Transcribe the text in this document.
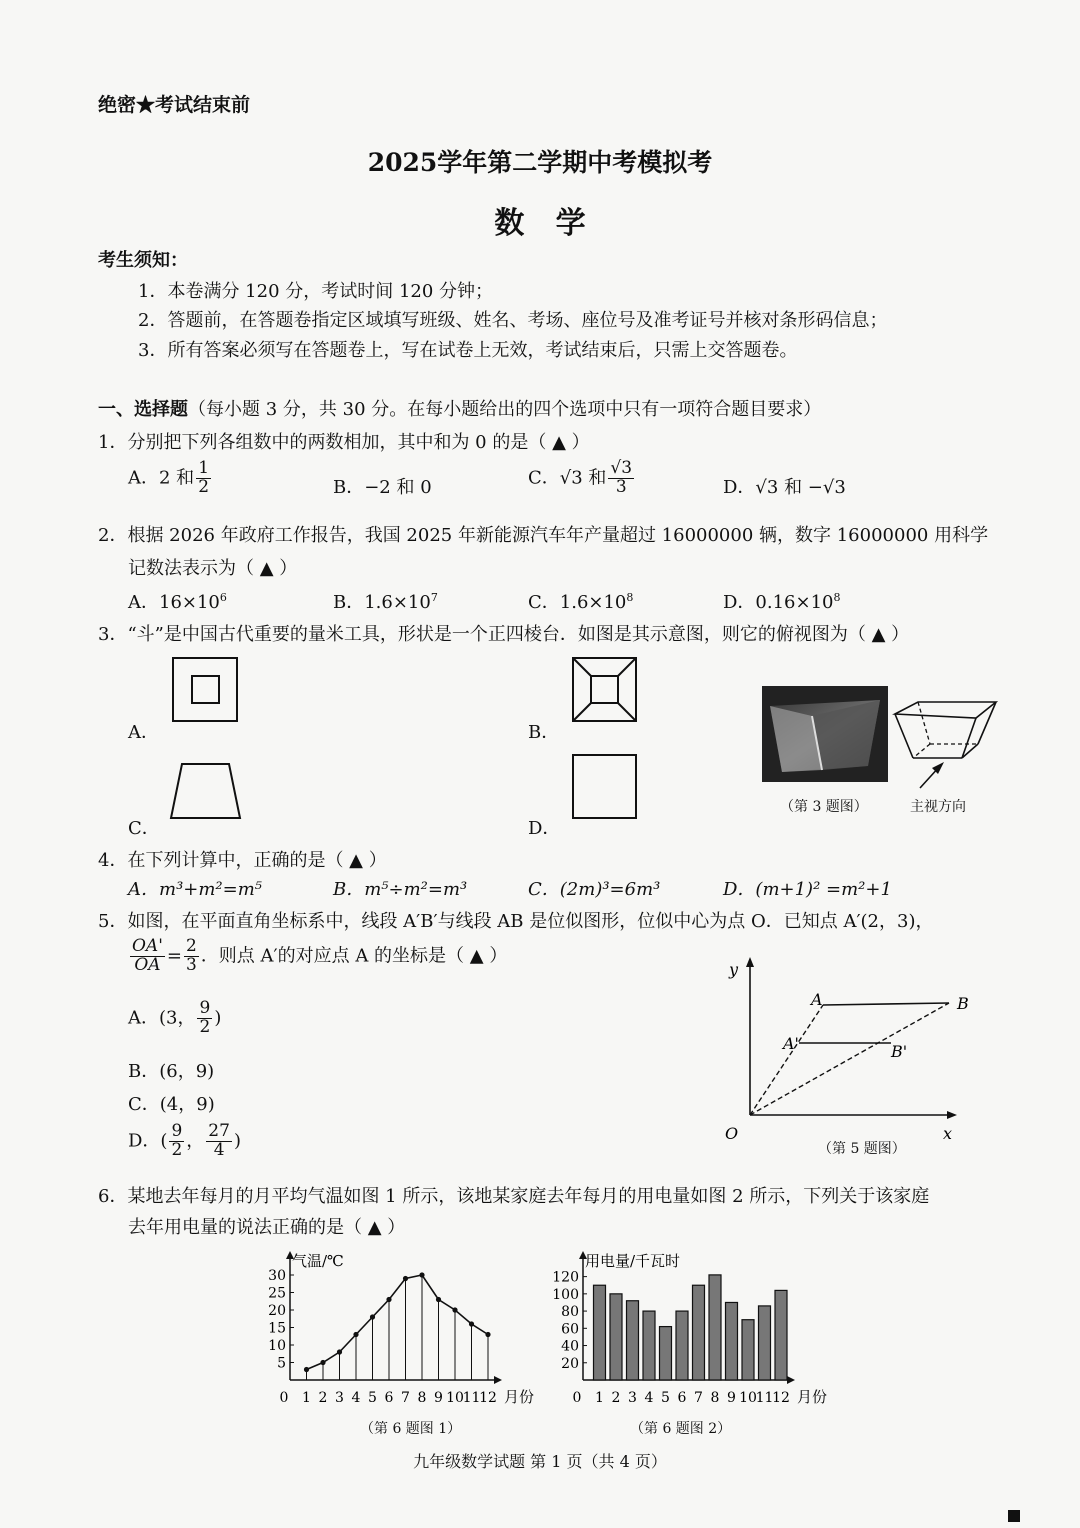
绝密★考试结束前
2025学年第二学期中考模拟考
数   学
考生须知：
1．本卷满分 120 分，考试时间 120 分钟；
2．答题前，在答题卷指定区域填写班级、姓名、考场、座位号及准考证号并核对条形码信息；
3．所有答案必须写在答题卷上，写在试卷上无效，考试结束后，只需上交答题卷。
一、选择题（每小题 3 分，共 30 分。在每小题给出的四个选项中只有一项符合题目要求）
1．分别把下列各组数中的两数相加，其中和为 0 的是（ ▲ ）
A．2 和 $\frac{1}{2}$	B．−2 和 0	C．√3 和 $\frac{√3}{3}$	D．√3 和 −√3
2．根据 2026 年政府工作报告，我国 2025 年新能源汽车年产量超过 16000000 辆，数字 16000000 用科学
记数法表示为（ ▲ ）
A．$16\times 10^6$	B．$1.6\times 10^7$	C．$1.6\times 10^8$	D．$0.16\times 10^8$
3．“斗”是中国古代重要的量米工具，形状是一个正四棱台．如图是其示意图，则它的俯视图为（ ▲ ）
A．	B．
C．	D．
（第 3 题图）	主视方向
4．在下列计算中，正确的是（ ▲ ）
A．m³+m²=m⁵	B．m⁵÷m²=m³	C．(2m)³=6m³	D．(m+1)² =m²+1
5．如图，在平面直角坐标系中，线段 A′B′与线段 AB 是位似图形，位似中心为点 O．已知点 A′(2，3)，
$\frac{OA'}{OA} = \frac{2}{3}$ ．则点 A′的对应点 A 的坐标是（ ▲ ）
A．(3， $\frac{9}{2}$ )
B．(6，9)
C．(4，9)
D．( $\frac{9}{2}$ ， $\frac{27}{4}$ )
y
x
O
A	B
A'	B'
（第 5 题图）
6．某地去年每月的月平均气温如图 1 所示，该地某家庭去年每月的用电量如图 2 所示，下列关于该家庭
去年用电量的说法正确的是（ ▲ ）
气温/℃
月份
5
10
15
20
25
30
0 1 2 3 4 5 6 7 8 9 10
11
12
用电量/千瓦时
月份
20
40
60
80
100
120
0 1 2 3 4 5 6 7 8 9 10
11
12
（第 6 题图 1）	（第 6 题图 2）
九年级数学试题 第 1 页（共 4 页）
